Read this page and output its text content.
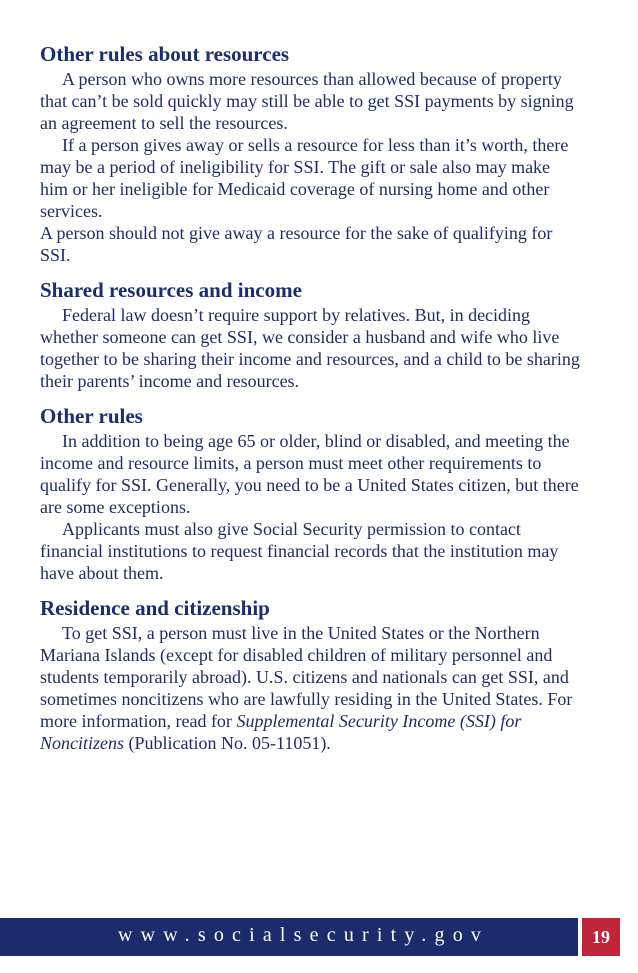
Other rules about resources

A person who owns more resources than allowed because of property that can’t be sold quickly may still be able to get SSI payments by signing an agreement to sell the resources.

If a person gives away or sells a resource for less than it’s worth, there may be a period of ineligibility for SSI. The gift or sale also may make him or her ineligible for Medicaid coverage of nursing home and other services.

A person should not give away a resource for the sake of qualifying for SSI.

Shared resources and income

Federal law doesn’t require support by relatives. But, in deciding whether someone can get SSI, we consider a husband and wife who live together to be sharing their income and resources, and a child to be sharing their parents’ income and resources.

Other rules

In addition to being age 65 or older, blind or disabled, and meeting the income and resource limits, a person must meet other requirements to qualify for SSI. Generally, you need to be a United States citizen, but there are some exceptions.

Applicants must also give Social Security permission to contact financial institutions to request financial records that the institution may have about them.

Residence and citizenship

To get SSI, a person must live in the United States or the Northern Mariana Islands (except for disabled children of military personnel and students temporarily abroad). U.S. citizens and nationals can get SSI, and sometimes noncitizens who are lawfully residing in the United States. For more information, read for Supplemental Security Income (SSI) for Noncitizens (Publication No. 05-11051).

www.socialsecurity.gov	19
